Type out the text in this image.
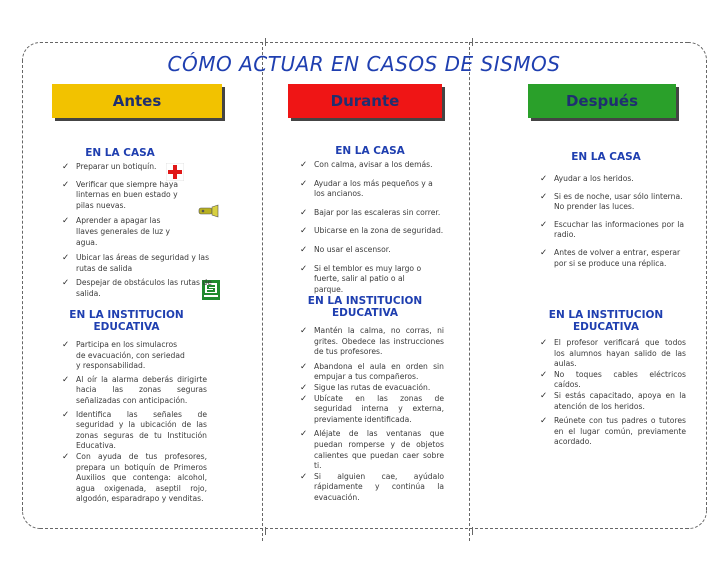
CÓMO ACTUAR EN CASOS DE SISMOS
Antes	Durante	Después
EN LA CASA
✓ Preparar un botiquín.
✓ Verificar que siempre haya linternas en buen estado y pilas nuevas.
✓ Aprender a apagar las llaves generales de luz y agua.
✓ Ubicar las áreas de seguridad y las rutas de salida
✓ Despejar de obstáculos las rutas de salida.
EN LA INSTITUCION EDUCATIVA
✓ Participa en los simulacros de evacuación, con seriedad y responsabilidad.
✓ Al oír la alarma deberás dirigirte hacia las zonas seguras señalizadas con anticipación.
✓ Identifica las señales de seguridad y la ubicación de las zonas seguras de tu Institución Educativa.
✓ Con ayuda de tus profesores, prepara un botiquín de Primeros Auxilios que contenga: alcohol, agua oxigenada, aseptil rojo, algodón, esparadrapo y venditas.
EN LA CASA
✓ Con calma, avisar a los demás.
✓ Ayudar a los más pequeños y a los ancianos.
✓ Bajar por las escaleras sin correr.
✓ Ubicarse en la zona de seguridad.
✓ No usar el ascensor.
✓ Si el temblor es muy largo o fuerte, salir al patio o al parque.
EN LA INSTITUCION EDUCATIVA
✓ Mantén la calma, no corras, ni grites. Obedece las instrucciones de tus profesores.
✓ Abandona el aula en orden sin empujar a tus compañeros.
✓ Sigue las rutas de evacuación.
✓ Ubícate en las zonas de seguridad interna y externa, previamente identificada.
✓ Aléjate de las ventanas que puedan romperse y de objetos calientes que puedan caer sobre ti.
✓ Si alguien cae, ayúdalo rápidamente y continúa la evacuación.
EN LA CASA
✓ Ayudar a los heridos.
✓ Si es de noche, usar sólo linterna. No prender las luces.
✓ Escuchar las informaciones por la radio.
✓ Antes de volver a entrar, esperar por si se produce una réplica.
EN LA INSTITUCION EDUCATIVA
✓ El profesor verificará que todos los alumnos hayan salido de las aulas.
✓ No toques cables eléctricos caídos.
✓ Si estás capacitado, apoya en la atención de los heridos.
✓ Reúnete con tus padres o tutores en el lugar común, previamente acordado.
